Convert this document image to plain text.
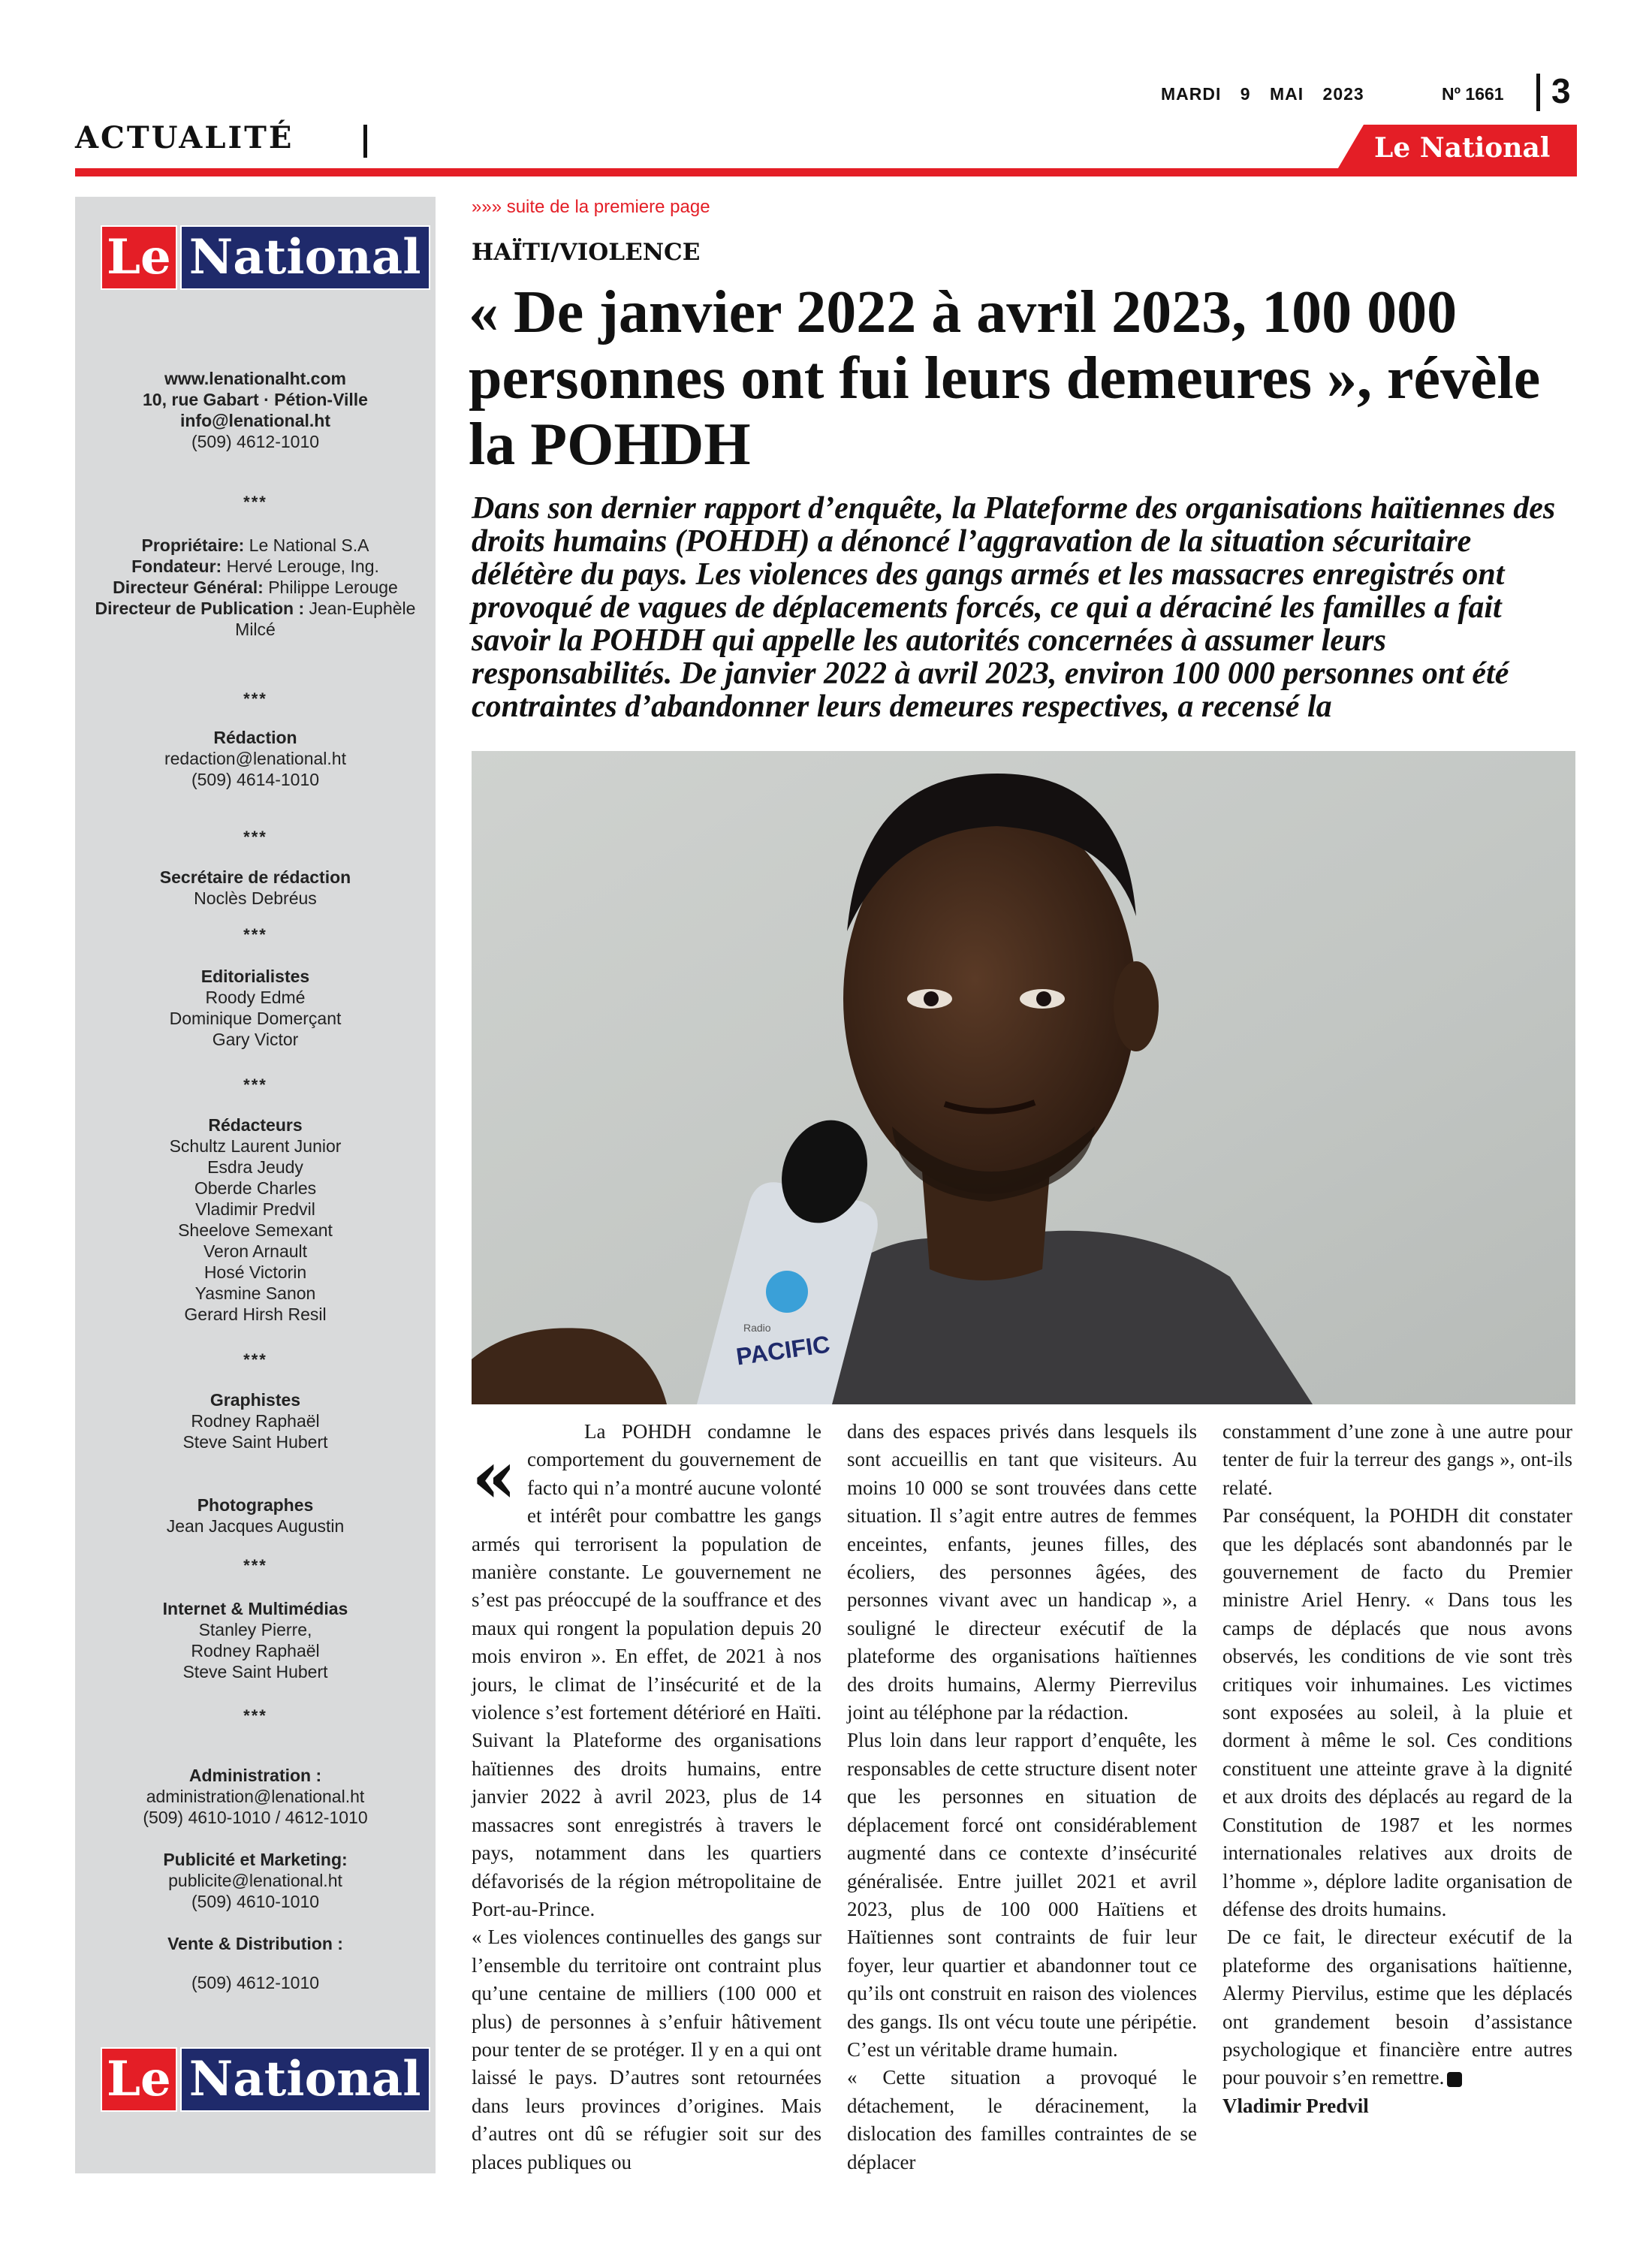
ACTUALITÉ
MARDI 9 MAI 2023	Nº 1661 3
Le National
Le National
www.lenationalht.com
10, rue Gabart · Pétion-Ville
info@lenational.ht
(509) 4612-1010
***
Propriétaire: Le National S.A
Fondateur: Hervé Lerouge, Ing.
Directeur Général: Philippe Lerouge
Directeur de Publication : Jean-Euphèle Milcé
***
Rédaction
redaction@lenational.ht
(509) 4614-1010
***
Secrétaire de rédaction
Noclès Debréus
***
Editorialistes
Roody Edmé
Dominique Domerçant
Gary Victor
***
Rédacteurs
Schultz Laurent Junior
Esdra Jeudy
Oberde Charles
Vladimir Predvil
Sheelove Semexant
Veron Arnault
Hosé Victorin
Yasmine Sanon
Gerard Hirsh Resil
***
Graphistes
Rodney Raphaël
Steve Saint Hubert
Photographes
Jean Jacques Augustin
***
Internet & Multimédias
Stanley Pierre,
Rodney Raphaël
Steve Saint Hubert
***
Administration :
administration@lenational.ht
(509) 4610-1010 / 4612-1010
Publicité et Marketing:
publicite@lenational.ht
(509) 4610-1010
Vente & Distribution :
(509) 4612-1010
Le National
»»» suite de la premiere page
HAÏTI/VIOLENCE
« De janvier 2022 à avril 2023, 100 000 personnes ont fui leurs demeures », révèle la POHDH
Dans son dernier rapport d’enquête, la Plateforme des organisations haïtiennes des droits humains (POHDH) a dénoncé l’aggravation de la situation sécuritaire délétère du pays. Les violences des gangs armés et les massacres enregistrés ont provoqué de vagues de déplacements forcés, ce qui a déraciné les familles a fait savoir la POHDH qui appelle les autorités concernées à assumer leurs responsabilités. De janvier 2022 à avril 2023, environ 100 000 personnes ont été contraintes d’abandonner leurs demeures respectives, a recensé la
Radio
PACIFIC
«

La POHDH condamne le comportement du gouvernement de facto qui n’a montré aucune volonté et intérêt pour combattre les gangs armés qui terrorisent la population de manière constante. Le gouvernement ne s’est pas préoccupé de la souffrance et des maux qui rongent la population depuis 20 mois environ ». En effet, de 2021 à nos jours, le climat de l’insécurité et de la violence s’est fortement détérioré en Haïti. Suivant la Plateforme des organisations haïtiennes des droits humains, entre janvier 2022 à avril 2023, plus de 14 massacres sont enregistrés à travers le pays, notamment dans les quartiers défavorisés de la région métropolitaine de Port-au-Prince.

« Les violences continuelles des gangs sur l’ensemble du territoire ont contraint plus qu’une centaine de milliers (100 000 et plus) de personnes à s’enfuir hâtivement pour tenter de se protéger. Il y en a qui ont laissé le pays. D’autres sont retournées dans leurs provinces d’origines. Mais d’autres ont dû se réfugier soit sur des places publiques ou

dans des espaces privés dans lesquels ils sont accueillis en tant que visiteurs. Au moins 10 000 se sont trouvées dans cette situation. Il s’agit entre autres de femmes enceintes, enfants, jeunes filles, des écoliers, des personnes âgées, des personnes vivant avec un handicap », a souligné le directeur exécutif de la plateforme des organisations haïtiennes des droits humains, Alermy Pierrevilus joint au téléphone par la rédaction.

Plus loin dans leur rapport d’enquête, les responsables de cette structure disent noter que les personnes en situation de déplacement forcé ont considérablement augmenté dans ce contexte d’insécurité généralisée. Entre juillet 2021 et avril 2023, plus de 100 000 Haïtiens et Haïtiennes sont contraints de fuir leur foyer, leur quartier et abandonner tout ce qu’ils ont construit en raison des violences des gangs. Ils ont vécu toute une péripétie. C’est un véritable drame humain.

« Cette situation a provoqué le détachement, le déracinement, la dislocation des familles contraintes de se déplacer

constamment d’une zone à une autre pour tenter de fuir la terreur des gangs », ont-ils relaté.

Par conséquent, la POHDH dit constater que les déplacés sont abandonnés par le gouvernement de facto du Premier ministre Ariel Henry. « Dans tous les camps de déplacés que nous avons observés, les conditions de vie sont très critiques voir inhumaines. Les victimes sont exposées au soleil, à la pluie et dorment à même le sol. Ces conditions constituent une atteinte grave à la dignité et aux droits des déplacés au regard de la Constitution de 1987 et les normes internationales relatives aux droits de l’homme », déplore ladite organisation de défense des droits humains.

De ce fait, le directeur exécutif de la plateforme des organisations haïtienne, Alermy Piervilus, estime que les déplacés ont grandement besoin d’assistance psychologique et financière entre autres pour pouvoir s’en remettre.

Vladimir Predvil
